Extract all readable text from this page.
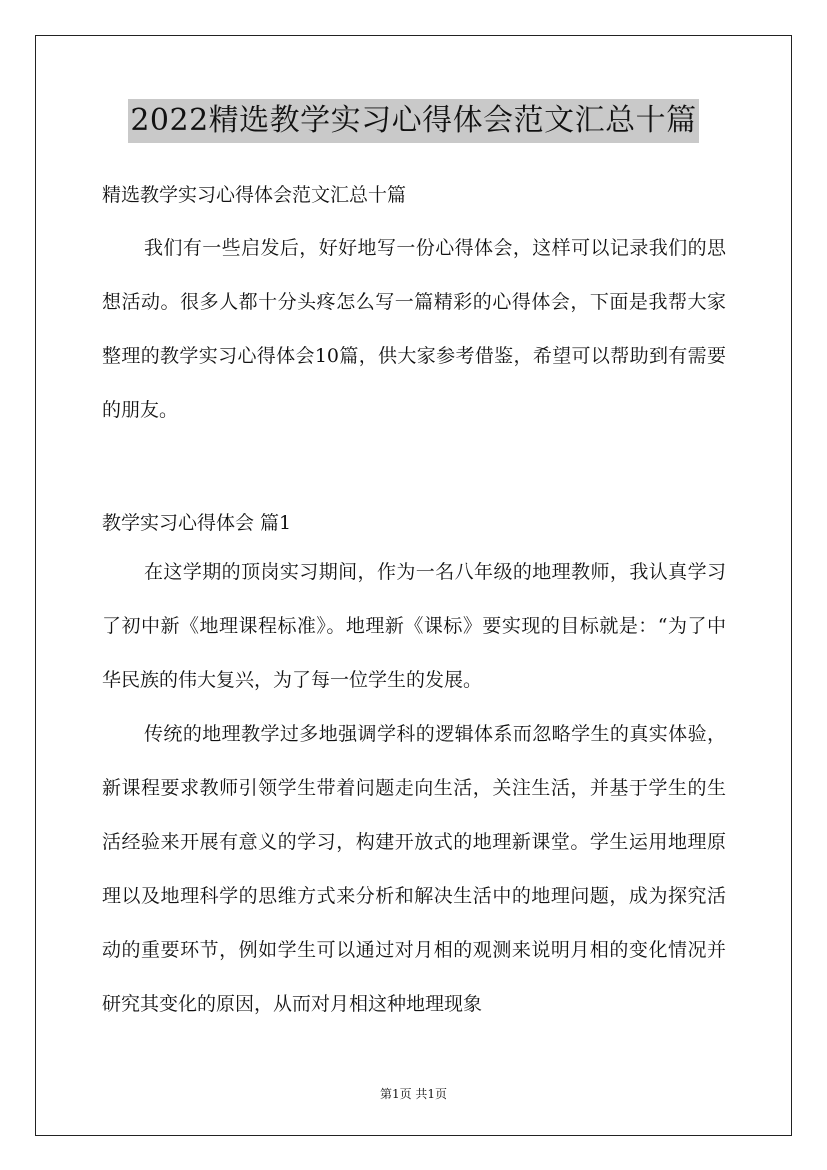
2022精选教学实习心得体会范文汇总十篇
精选教学实习心得体会范文汇总十篇

我们有一些启发后，好好地写一份心得体会，这样可以记录我们的思想活动。很多人都十分头疼怎么写一篇精彩的心得体会，下面是我帮大家整理的教学实习心得体会10篇，供大家参考借鉴，希望可以帮助到有需要的朋友。

教学实习心得体会 篇1

在这学期的顶岗实习期间，作为一名八年级的地理教师，我认真学习了初中新《地理课程标准》。地理新《课标》要实现的目标就是：“为了中华民族的伟大复兴，为了每一位学生的发展。

传统的地理教学过多地强调学科的逻辑体系而忽略学生的真实体验，新课程要求教师引领学生带着问题走向生活，关注生活，并基于学生的生活经验来开展有意义的学习，构建开放式的地理新课堂。学生运用地理原理以及地理科学的思维方式来分析和解决生活中的地理问题，成为探究活动的重要环节，例如学生可以通过对月相的观测来说明月相的变化情况并研究其变化的原因，从而对月相这种地理现象

第1页 共1页
